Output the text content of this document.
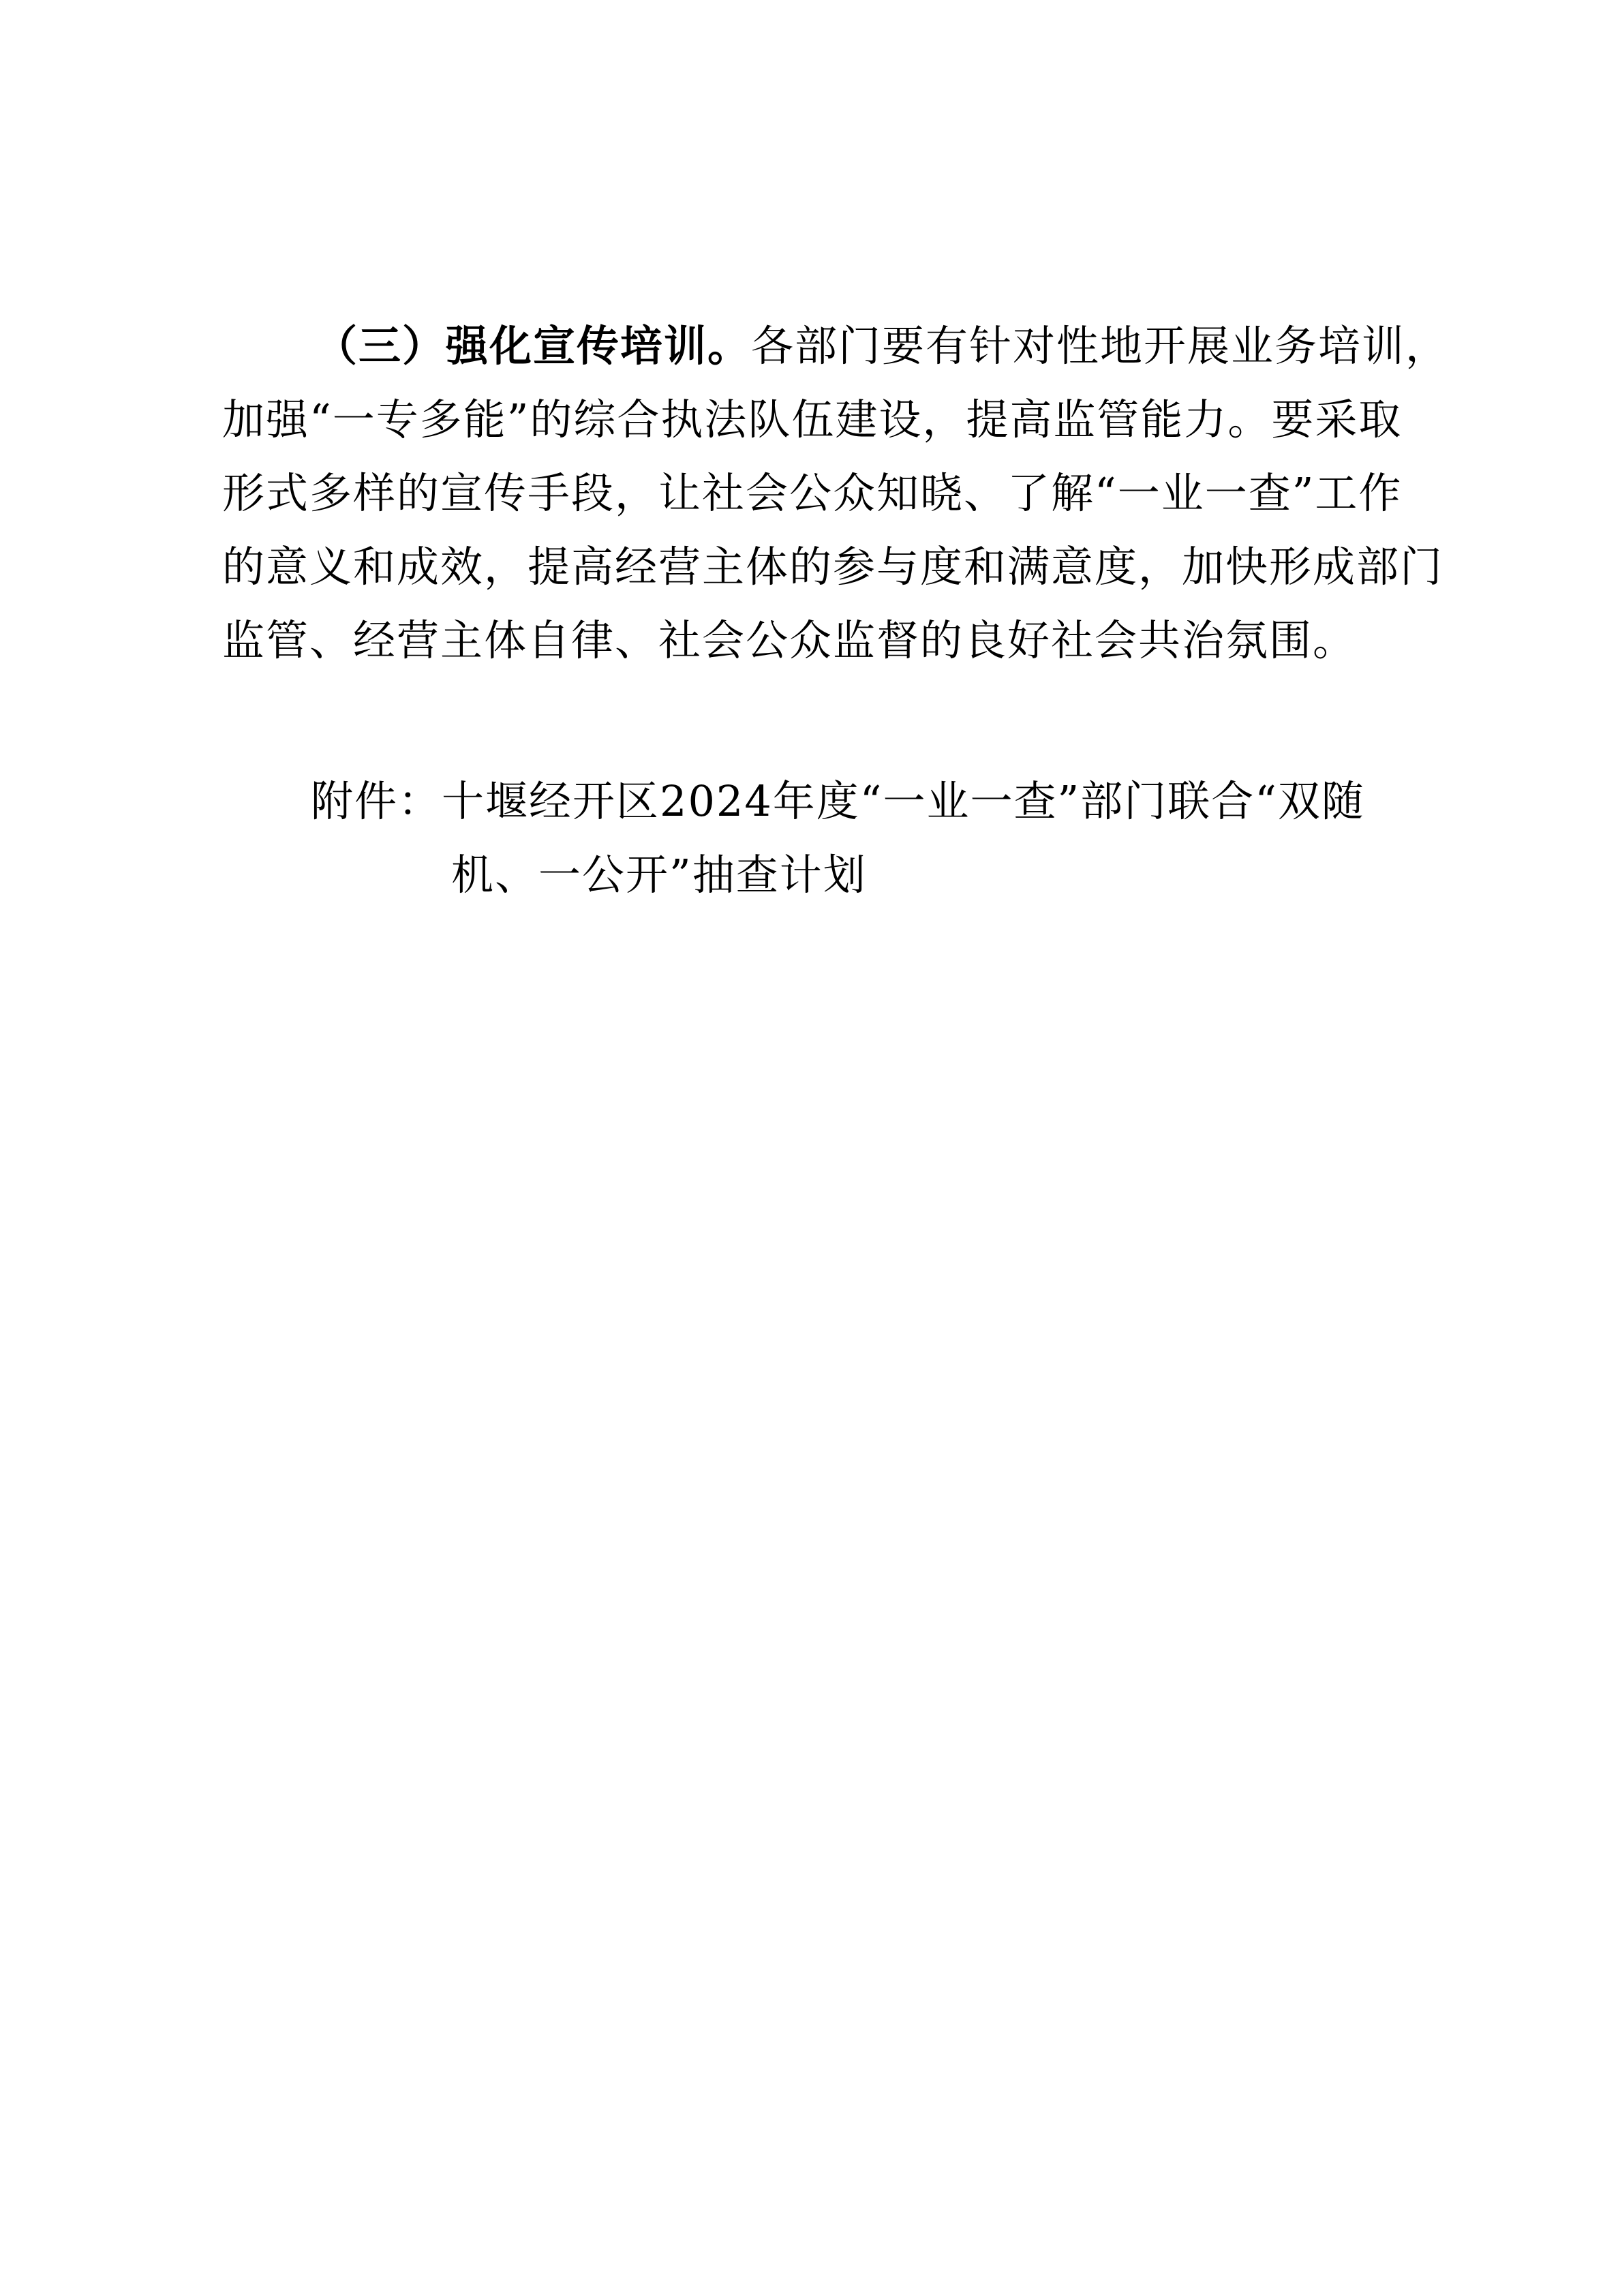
（三）强化宣传培训。各部门要有针对性地开展业务培训，
加强“一专多能”的综合执法队伍建设，提高监管能力。要采取
形式多样的宣传手段，让社会公众知晓、了解“一业一查”工作
的意义和成效，提高经营主体的参与度和满意度，加快形成部门
监管、经营主体自律、社会公众监督的良好社会共治氛围。
附件：十堰经开区2024年度“一业一查”部门联合“双随
机、一公开”抽查计划
